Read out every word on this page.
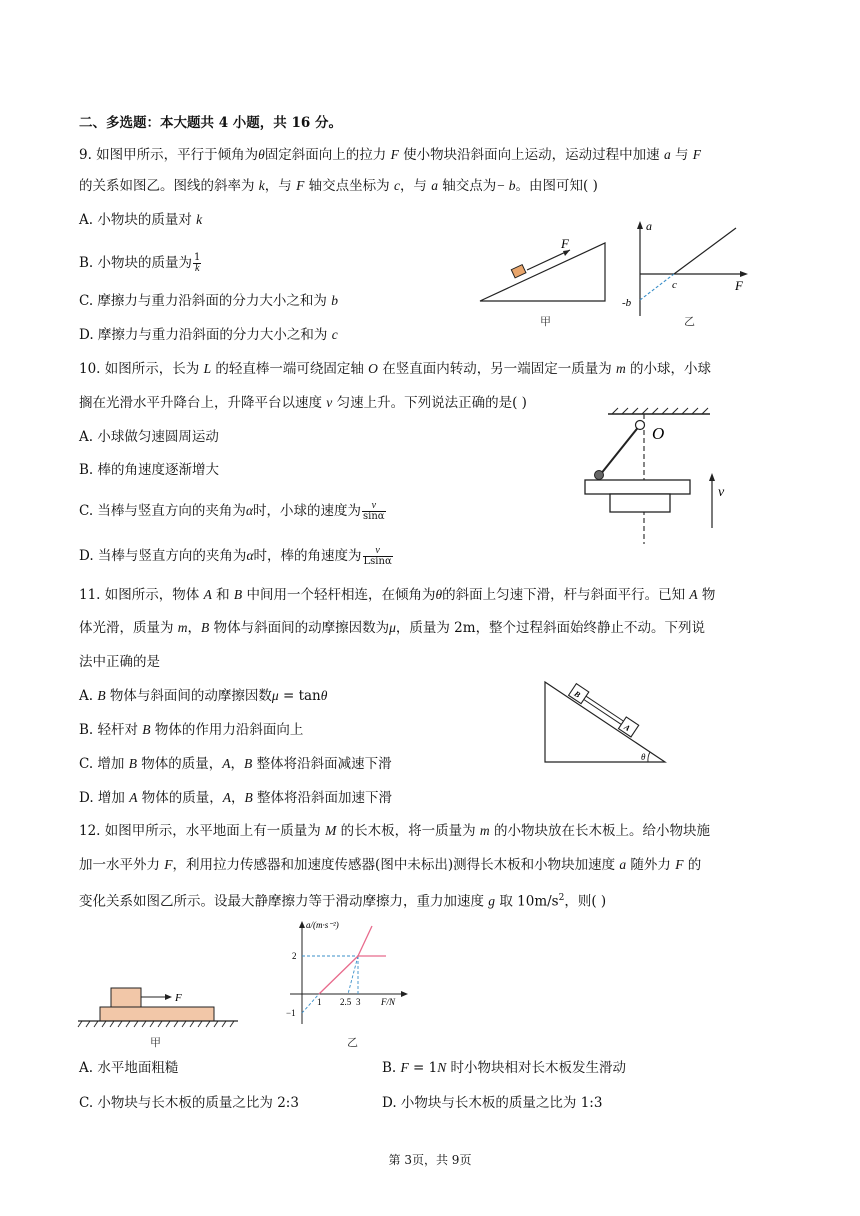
二、多选题：本大题共 4 小题，共 16 分。
9. 如图甲所示，平行于倾角为θ固定斜面向上的拉力 F 使小物块沿斜面向上运动，运动过程中加速 a 与 F
的关系如图乙。图线的斜率为 k，与 F 轴交点坐标为 c，与 a 轴交点为− b。由图可知( )
A. 小物块的质量对 k
B. 小物块的质量为 $\frac{1}{k}$
C. 摩擦力与重力沿斜面的分力大小之和为 b
D. 摩擦力与重力沿斜面的分力大小之和为 c
F
甲
a
c
-b
F
乙
10. 如图所示，长为 L 的轻直棒一端可绕固定轴 O 在竖直面内转动，另一端固定一质量为 m 的小球，小球
搁在光滑水平升降台上，升降平台以速度 v 匀速上升。下列说法正确的是( )
A. 小球做匀速圆周运动
B. 棒的角速度逐渐增大
C. 当棒与竖直方向的夹角为α时，小球的速度为 $\frac{v}{\sin\alpha}$
D. 当棒与竖直方向的夹角为α时，棒的角速度为 $\frac{v}{Lsin\alpha}$
O
v
11. 如图所示，物体 A 和 B 中间用一个轻杆相连，在倾角为θ的斜面上匀速下滑，杆与斜面平行。已知 A 物
体光滑，质量为 m，B 物体与斜面间的动摩擦因数为μ，质量为 2m，整个过程斜面始终静止不动。下列说
法中正确的是
A. B 物体与斜面间的动摩擦因数μ = tanθ
B. 轻杆对 B 物体的作用力沿斜面向上
C. 增加 B 物体的质量，A，B 整体将沿斜面减速下滑
D. 增加 A 物体的质量，A，B 整体将沿斜面加速下滑
B
A
θ
12. 如图甲所示，水平地面上有一质量为 M 的长木板，将一质量为 m 的小物块放在长木板上。给小物块施
加一水平外力 F，利用拉力传感器和加速度传感器(图中未标出)测得长木板和小物块加速度 a 随外力 F 的
变化关系如图乙所示。设最大静摩擦力等于滑动摩擦力，重力加速度 g 取 $10m/s^2$，则( )
F
甲
a/(m·s⁻²)
2
−1
1 2.5 3 F/N
乙
A. 水平地面粗糙	B. F = 1N 时小物块相对长木板发生滑动
C. 小物块与长木板的质量之比为 2:3	D. 小物块与长木板的质量之比为 1:3
第 3页，共 9页
